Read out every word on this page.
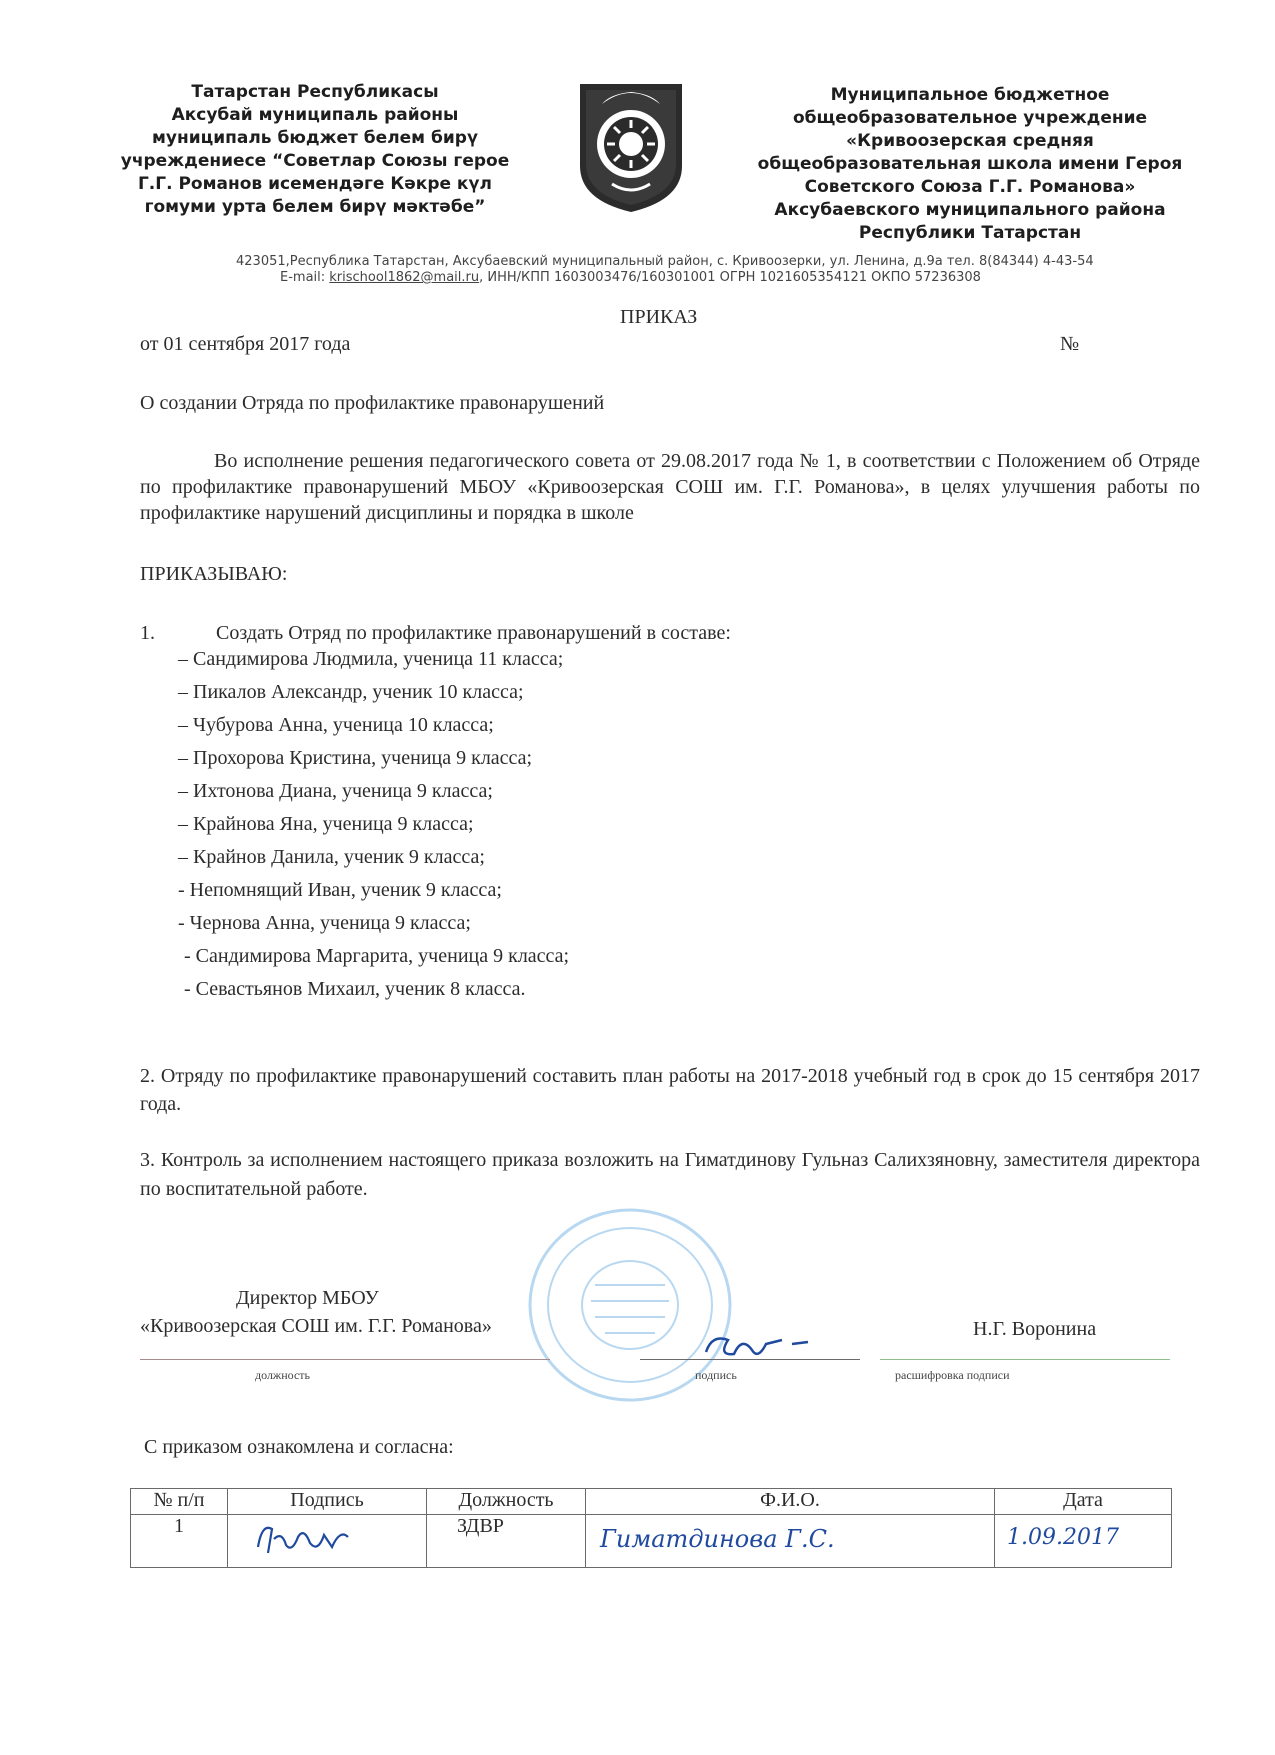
Татарстан Республикасы
Аксубай муниципаль районы
муниципаль бюджет белем бирү
учреждениесе “Советлар Союзы герое
Г.Г. Романов исемендәге Кәкре күл
гомуми урта белем бирү мәктәбе”
Муниципальное бюджетное
общеобразовательное учреждение
«Кривоозерская средняя
общеобразовательная школа имени Героя
Советского Союза Г.Г. Романова»
Аксубаевского муниципального района
Республики Татарстан
423051,Республика Татарстан, Аксубаевский муниципальный район, с. Кривоозерки, ул. Ленина, д.9а тел. 8(84344) 4-43-54
E-mail: krischool1862@mail.ru, ИНН/КПП 1603003476/160301001 ОГРН 1021605354121 ОКПО 57236308
ПРИКАЗ
от 01 сентября 2017 года	№
О создании Отряда по профилактике правонарушений
Во исполнение решения педагогического совета от 29.08.2017 года № 1, в соответствии с Положением об Отряде по профилактике правонарушений МБОУ «Кривоозерская СОШ им. Г.Г. Романова», в целях улучшения работы по профилактике нарушений дисциплины и порядка в школе
ПРИКАЗЫВАЮ:
1.	Создать Отряд по профилактике правонарушений в составе:
– Сандимирова Людмила, ученица 11 класса;
– Пикалов Александр, ученик 10 класса;
– Чубурова Анна, ученица 10 класса;
– Прохорова Кристина, ученица 9 класса;
– Ихтонова Диана, ученица 9 класса;
– Крайнова Яна, ученица 9 класса;
– Крайнов Данила, ученик 9 класса;
- Непомнящий Иван, ученик 9 класса;
- Чернова Анна, ученица 9 класса;
- Сандимирова Маргарита, ученица 9 класса;
- Севастьянов Михаил, ученик 8 класса.
2. Отряду по профилактике правонарушений составить план работы на 2017-2018 учебный год в срок до 15 сентября 2017 года.
3. Контроль за исполнением настоящего приказа возложить на Гиматдинову Гульназ Салихзяновну, заместителя директора по воспитательной работе.
Директор МБОУ
«Кривоозерская СОШ им. Г.Г. Романова»	Н.Г. Воронина
должность	подпись	расшифровка подписи
С приказом ознакомлена и согласна:
№ п/п	Подпись	Должность	Ф.И.О.	Дата
1		ЗДВР	Гиматдинова Г.С.	1.09.2017
